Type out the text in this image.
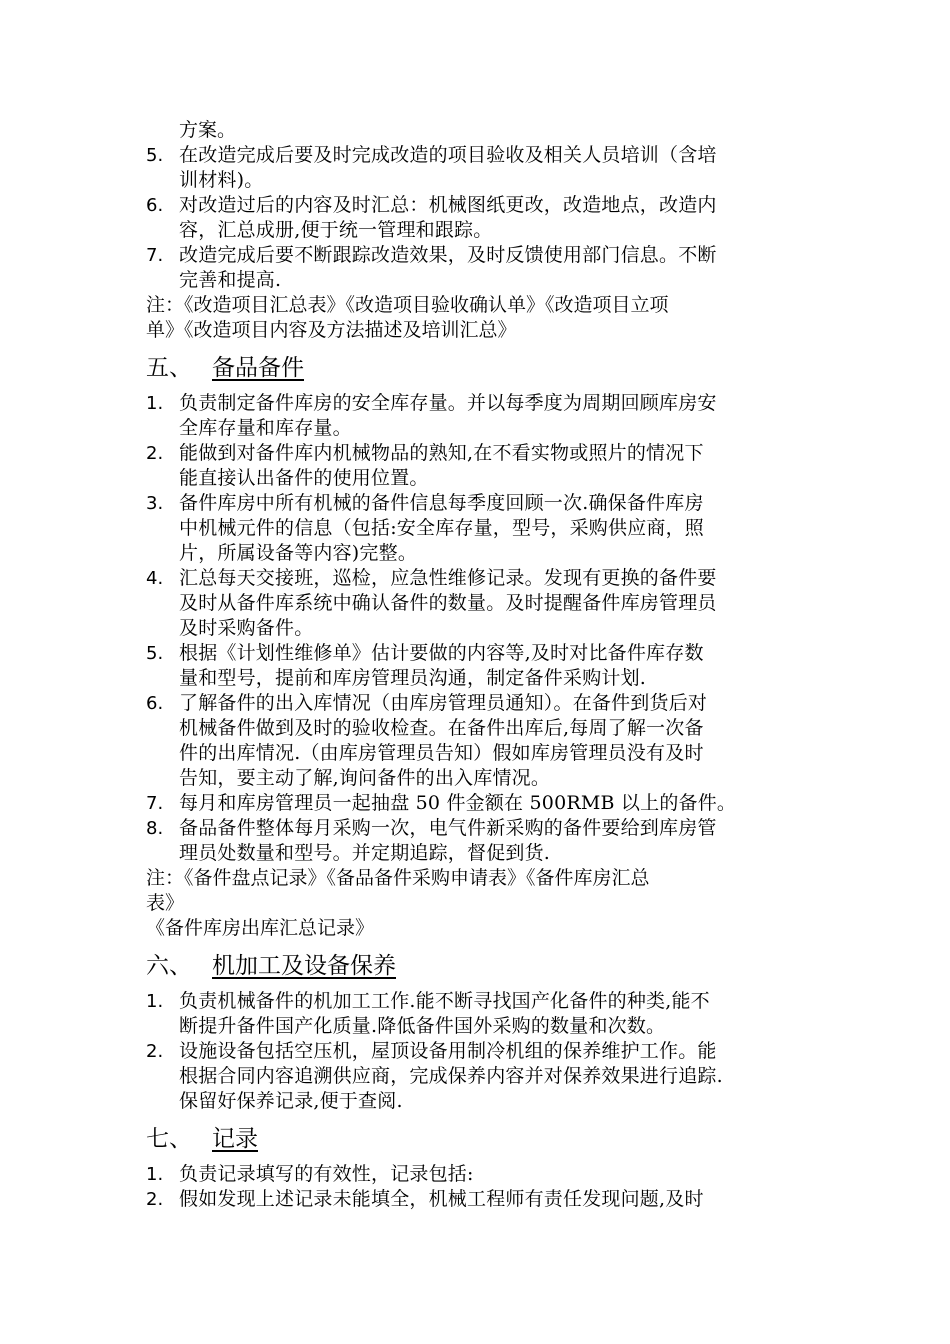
方案。
5. 在改造完成后要及时完成改造的项目验收及相关人员培训（含培
训材料)。
6. 对改造过后的内容及时汇总：机械图纸更改，改造地点，改造内
容，汇总成册,便于统一管理和跟踪。
7. 改造完成后要不断跟踪改造效果，及时反馈使用部门信息。不断
完善和提高.
注：《改造项目汇总表》《改造项目验收确认单》《改造项目立项
单》《改造项目内容及方法描述及培训汇总》
五、 备品备件
1. 负责制定备件库房的安全库存量。并以每季度为周期回顾库房安
全库存量和库存量。
2. 能做到对备件库内机械物品的熟知,在不看实物或照片的情况下
能直接认出备件的使用位置。
3. 备件库房中所有机械的备件信息每季度回顾一次.确保备件库房
中机械元件的信息（包括:安全库存量，型号，采购供应商，照
片，所属设备等内容)完整。
4. 汇总每天交接班，巡检，应急性维修记录。发现有更换的备件要
及时从备件库系统中确认备件的数量。及时提醒备件库房管理员
及时采购备件。
5. 根据《计划性维修单》估计要做的内容等,及时对比备件库存数
量和型号，提前和库房管理员沟通，制定备件采购计划.
6. 了解备件的出入库情况（由库房管理员通知）。在备件到货后对
机械备件做到及时的验收检查。在备件出库后,每周了解一次备
件的出库情况.（由库房管理员告知）假如库房管理员没有及时
告知，要主动了解,询问备件的出入库情况。
7. 每月和库房管理员一起抽盘 50 件金额在 500RMB 以上的备件。
8. 备品备件整体每月采购一次，电气件新采购的备件要给到库房管
理员处数量和型号。并定期追踪，督促到货.
注：《备件盘点记录》《备品备件采购申请表》《备件库房汇总
表》
《备件库房出库汇总记录》
六、 机加工及设备保养
1. 负责机械备件的机加工工作.能不断寻找国产化备件的种类,能不
断提升备件国产化质量.降低备件国外采购的数量和次数。
2. 设施设备包括空压机，屋顶设备用制冷机组的保养维护工作。能
根据合同内容追溯供应商，完成保养内容并对保养效果进行追踪.
保留好保养记录,便于查阅.
七、 记录
1. 负责记录填写的有效性，记录包括:
2. 假如发现上述记录未能填全，机械工程师有责任发现问题,及时
